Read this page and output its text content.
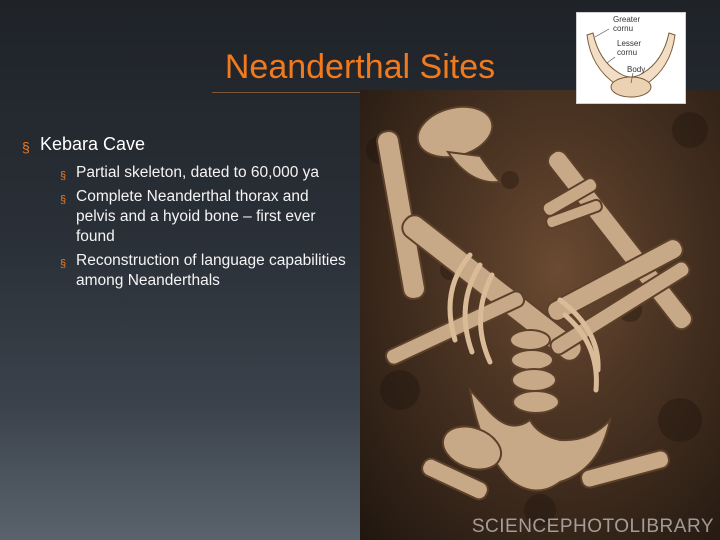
Neanderthal Sites
§ Kebara Cave
§ Partial skeleton, dated to 60,000 ya
§ Complete Neanderthal thorax and pelvis and a hyoid bone – first ever found
§ Reconstruction of language capabilities among Neanderthals
SCIENCEPHOTOLIBRARY
Greater cornu
Lesser cornu
Body
